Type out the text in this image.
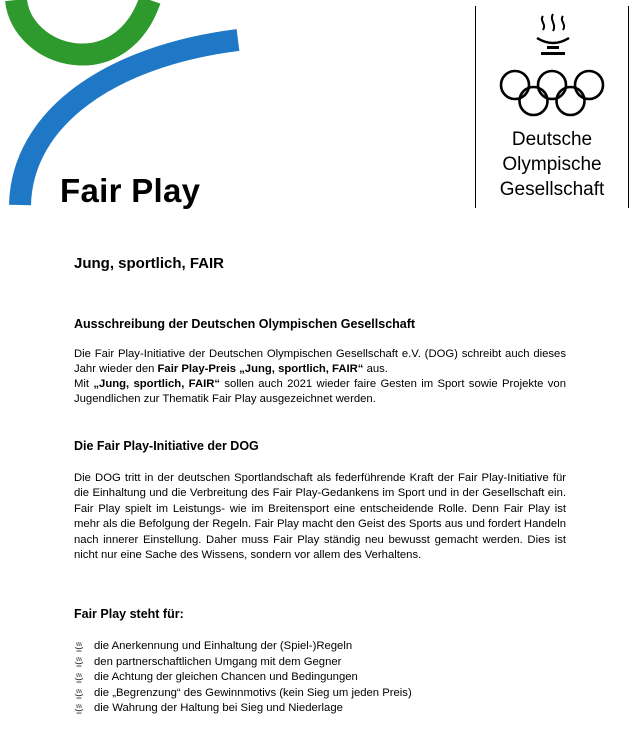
Fair Play
Deutsche
Olympische
Gesellschaft
Jung, sportlich, FAIR
Ausschreibung der Deutschen Olympischen Gesellschaft

Die Fair Play-Initiative der Deutschen Olympischen Gesellschaft e.V. (DOG) schreibt auch dieses Jahr wieder den Fair Play-Preis „Jung, sportlich, FAIR“ aus.

Mit „Jung, sportlich, FAIR“ sollen auch 2021 wieder faire Gesten im Sport sowie Projekte von Jugendlichen zur Thematik Fair Play ausgezeichnet werden.

Die Fair Play-Initiative der DOG

Die DOG tritt in der deutschen Sportlandschaft als federführende Kraft der Fair Play-Initiative für die Einhaltung und die Verbreitung des Fair Play-Gedankens im Sport und in der Gesellschaft ein. Fair Play spielt im Leistungs- wie im Breitensport eine entscheidende Rolle. Denn Fair Play ist mehr als die Befolgung der Regeln. Fair Play macht den Geist des Sports aus und fordert Handeln nach innerer Einstellung. Daher muss Fair Play ständig neu bewusst gemacht werden. Dies ist nicht nur eine Sache des Wissens, sondern vor allem des Verhaltens.

Fair Play steht für:
die Anerkennung und Einhaltung der (Spiel-)Regeln
den partnerschaftlichen Umgang mit dem Gegner
die Achtung der gleichen Chancen und Bedingungen
die „Begrenzung“ des Gewinnmotivs (kein Sieg um jeden Preis)
die Wahrung der Haltung bei Sieg und Niederlage
